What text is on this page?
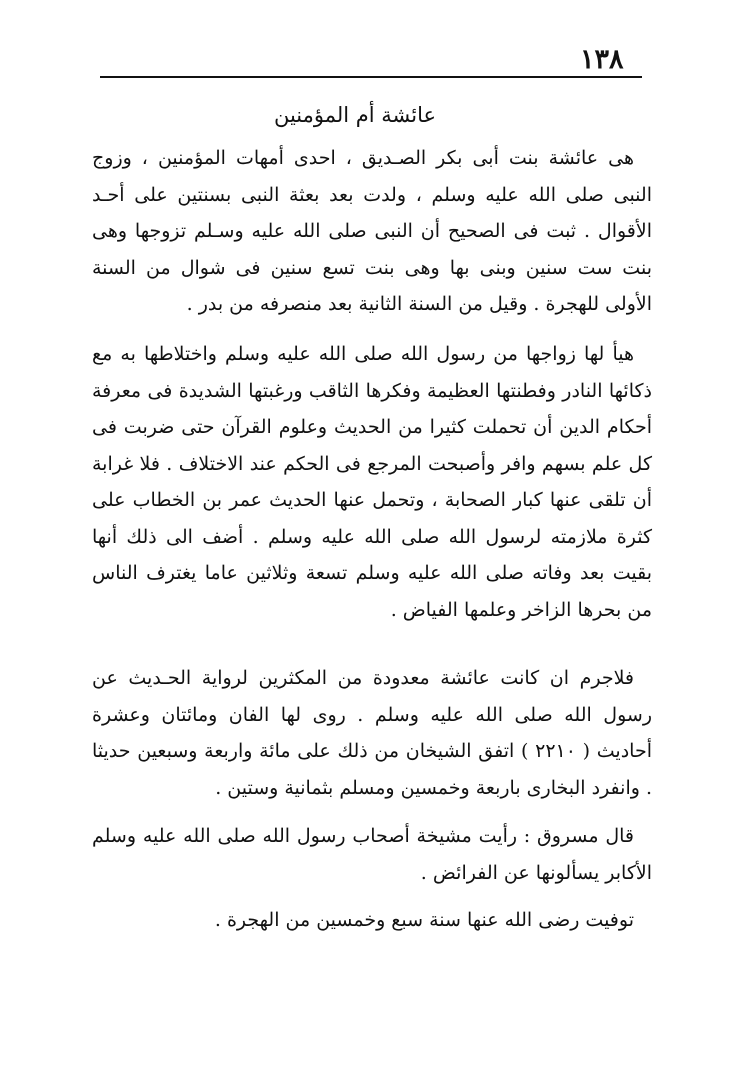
١٣٨
عائشة أم المؤمنين

هى عائشة بنت أبى بكر الصـديق ، احدى أمهات المؤمنين ، وزوج النبى صلى الله عليه وسلم ، ولدت بعد بعثة النبى بسنتين على أحـد الأقوال . ثبت فى الصحيح أن النبى صلى الله عليه وسـلم تزوجها وهى بنت ست سنين وبنى بها وهى بنت تسع سنين فى شوال من السنة الأولى للهجرة . وقيل من السنة الثانية بعد منصرفه من بدر .

هيأ لها زواجها من رسول الله صلى الله عليه وسلم واختلاطها به مع ذكائها النادر وفطنتها العظيمة وفكرها الثاقب ورغبتها الشديدة فى معرفة أحكام الدين أن تحملت كثيرا من الحديث وعلوم القرآن حتى ضربت فى كل علم بسهم وافر وأصبحت المرجع فى الحكم عند الاختلاف . فلا غرابة أن تلقى عنها كبار الصحابة ، وتحمل عنها الحديث عمر بن الخطاب على كثرة ملازمته لرسول الله صلى الله عليه وسلم . أضف الى ذلك أنها بقيت بعد وفاته صلى الله عليه وسلم تسعة وثلاثين عاما يغترف الناس من بحرها الزاخر وعلمها الفياض .

فلاجرم ان كانت عائشة معدودة من المكثرين لرواية الحـديث عن رسول الله صلى الله عليه وسلم . روى لها الفان ومائتان وعشرة أحاديث ( ٢٢١٠ ) اتفق الشيخان من ذلك على مائة واربعة وسبعين حديثا . وانفرد البخارى باربعة وخمسين ومسلم بثمانية وستين .

قال مسروق : رأيت مشيخة أصحاب رسول الله صلى الله عليه وسلم الأكابر يسألونها عن الفرائض .

توفيت رضى الله عنها سنة سبع وخمسين من الهجرة .
